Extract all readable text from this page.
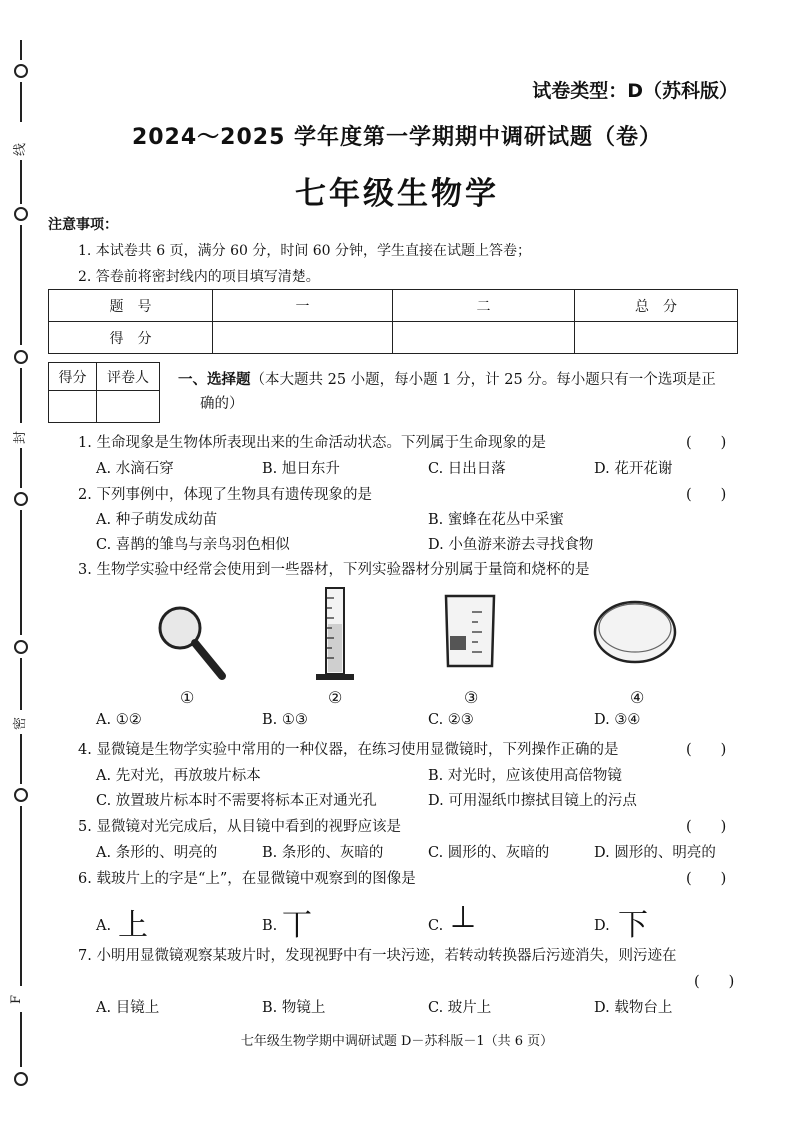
线
封
密
F
试卷类型：D（苏科版）
2024～2025 学年度第一学期期中调研试题（卷）
七年级生物学
注意事项：
1. 本试卷共 6 页，满分 60 分，时间 60 分钟，学生直接在试题上答卷；
2. 答卷前将密封线内的项目填写清楚。
题　号	一	二	总　分
得　分			
得分	评卷人
	一、选择题（本大题共 25 小题，每小题 1 分，计 25 分。每小题只有一个选项是正
确的）
1. 生命现象是生物体所表现出来的生命活动状态。下列属于生命现象的是	(　　)
A. 水滴石穿	B. 旭日东升	C. 日出日落	D. 花开花谢
2. 下列事例中，体现了生物具有遗传现象的是	(　　)
A. 种子萌发成幼苗	B. 蜜蜂在花丛中采蜜
C. 喜鹊的雏鸟与亲鸟羽色相似	D. 小鱼游来游去寻找食物
3. 生物学实验中经常会使用到一些器材，下列实验器材分别属于量筒和烧杯的是
①	②	③	④
A. ①②	B. ①③	C. ②③	D. ③④
4. 显微镜是生物学实验中常用的一种仪器，在练习使用显微镜时，下列操作正确的是	(　　)
A. 先对光，再放玻片标本	B. 对光时，应该使用高倍物镜
C. 放置玻片标本时不需要将标本正对通光孔	D. 可用湿纸巾擦拭目镜上的污点
5. 显微镜对光完成后，从目镜中看到的视野应该是	(　　)
A. 条形的、明亮的	B. 条形的、灰暗的	C. 圆形的、灰暗的	D. 圆形的、明亮的
6. 载玻片上的字是“上”，在显微镜中观察到的图像是	(　　)
A. 上	B. 丅	C. ⊥	D. 下
7. 小明用显微镜观察某玻片时，发现视野中有一块污迹，若转动转换器后污迹消失，则污迹在
(　　)
A. 目镜上	B. 物镜上	C. 玻片上	D. 载物台上
七年级生物学期中调研试题 D－苏科版－1（共 6 页）
